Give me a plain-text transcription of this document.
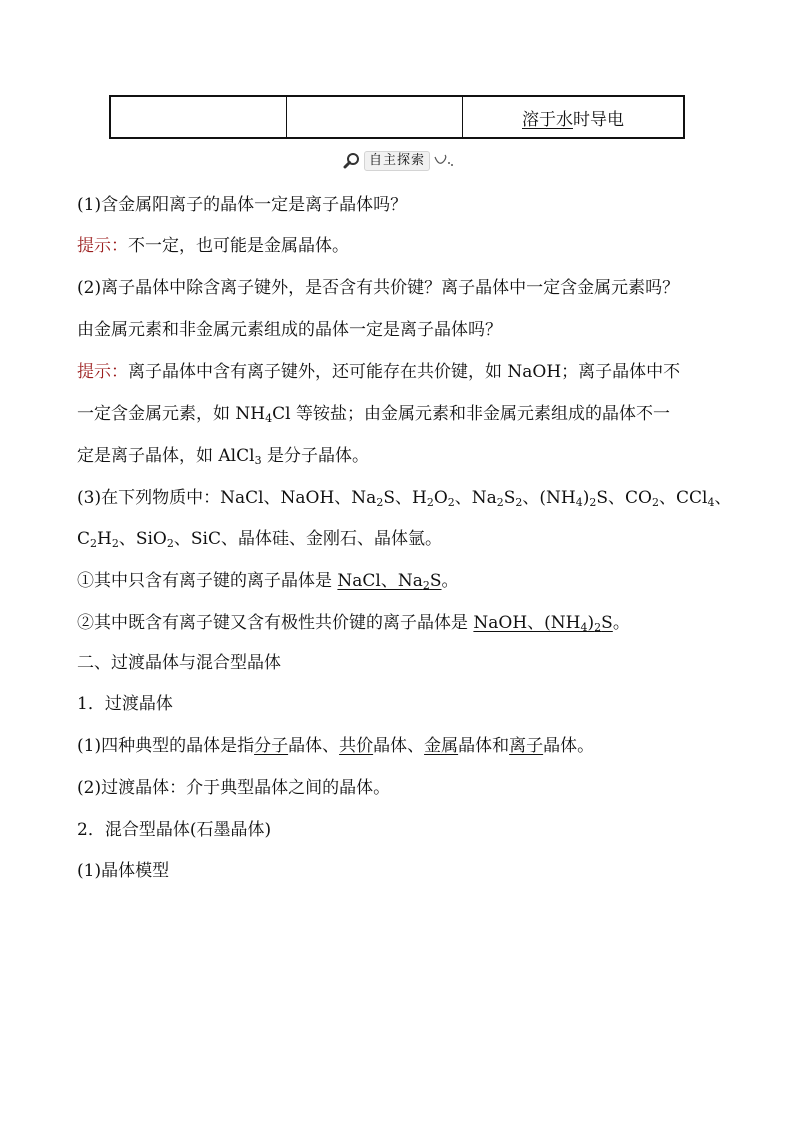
		溶于水时导电
自主探索
(1)含金属阳离子的晶体一定是离子晶体吗？
提示：不一定，也可能是金属晶体。
(2)离子晶体中除含离子键外，是否含有共价键？离子晶体中一定含金属元素吗？
由金属元素和非金属元素组成的晶体一定是离子晶体吗？
提示：离子晶体中含有离子键外，还可能存在共价键，如 NaOH；离子晶体中不
一定含金属元素，如 $NH_4Cl$ 等铵盐；由金属元素和非金属元素组成的晶体不一
定是离子晶体，如 AlCl$_3$ 是分子晶体。
(3)在下列物质中：NaCl、NaOH、$Na_2S$、$H_2O_2$、$Na_2S_2$、$(NH_4)_2S$、$CO_2$、CCl$_4$、
$C_2H_2$、SiO$_2$、SiC、晶体硅、金刚石、晶体氩。
①其中只含有离子键的离子晶体是 NaCl、$Na_2S$。
②其中既含有离子键又含有极性共价键的离子晶体是 NaOH、$(NH_4)_2S$。
二、过渡晶体与混合型晶体
1．过渡晶体
(1)四种典型的晶体是指分子晶体、共价晶体、金属晶体和离子晶体。
(2)过渡晶体：介于典型晶体之间的晶体。
2．混合型晶体(石墨晶体)
(1)晶体模型
